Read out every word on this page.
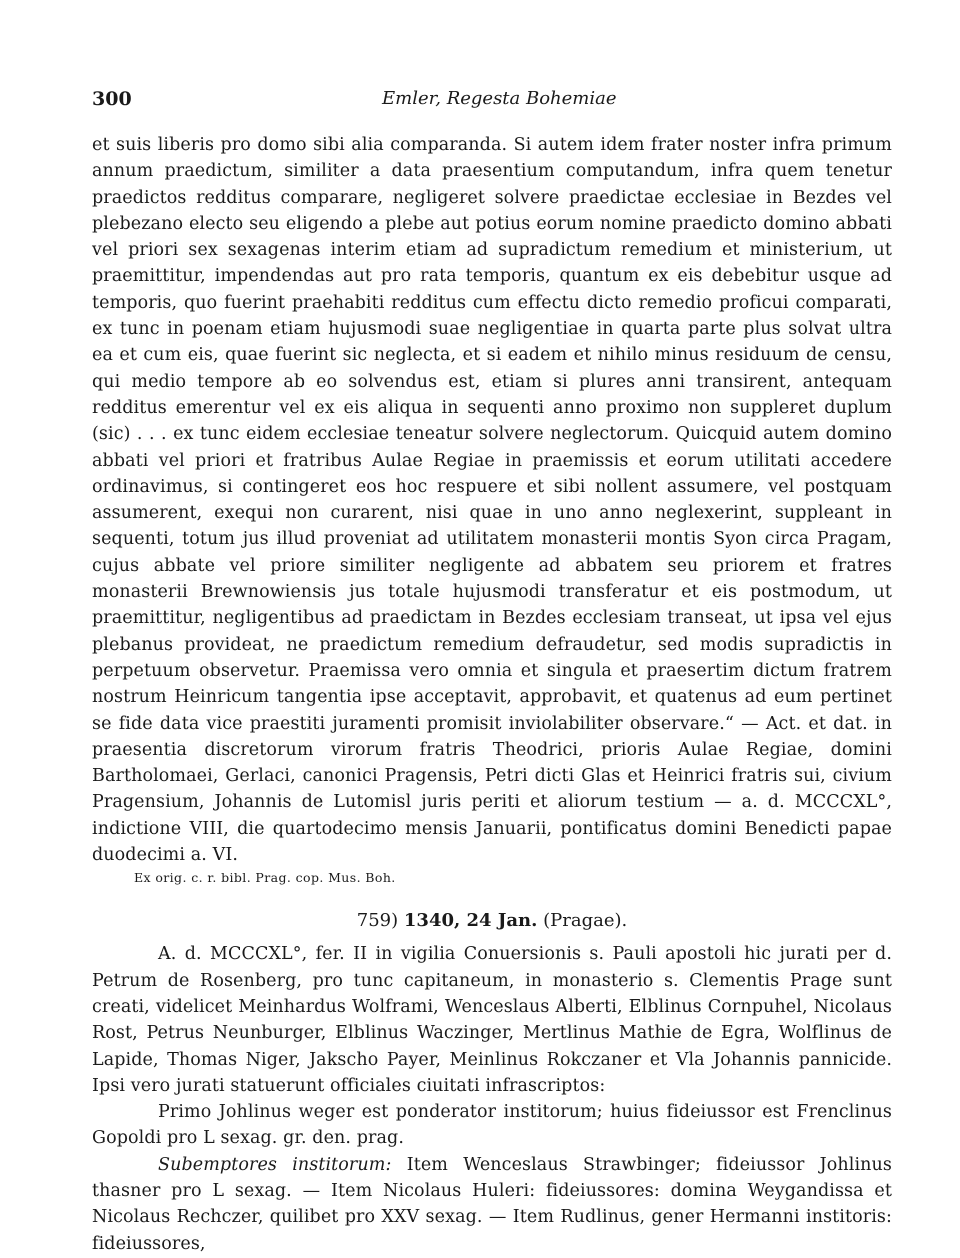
300	Emler, Regesta Bohemiae

et suis liberis pro domo sibi alia comparanda. Si autem idem frater noster infra primum annum praedictum, similiter a data praesentium computandum, infra quem tenetur praedictos redditus comparare, negligeret solvere praedictae ecclesiae in Bezdes vel plebezano electo seu eligendo a plebe aut potius eorum nomine praedicto domino abbati vel priori sex sexagenas interim etiam ad supradictum remedium et ministerium, ut praemittitur, impendendas aut pro rata temporis, quantum ex eis debebitur usque ad temporis, quo fuerint praehabiti redditus cum effectu dicto remedio proficui comparati, ex tunc in poenam etiam hujusmodi suae negligentiae in quarta parte plus solvat ultra ea et cum eis, quae fuerint sic neglecta, et si eadem et nihilo minus residuum de censu, qui medio tempore ab eo solvendus est, etiam si plures anni transirent, antequam redditus emerentur vel ex eis aliqua in sequenti anno proximo non suppleret duplum (sic) . . . ex tunc eidem ecclesiae teneatur solvere neglectorum. Quicquid autem domino abbati vel priori et fratribus Aulae Regiae in praemissis et eorum utilitati accedere ordinavimus, si contingeret eos hoc respuere et sibi nollent assumere, vel postquam assumerent, exequi non curarent, nisi quae in uno anno neglexerint, suppleant in sequenti, totum jus illud proveniat ad utilitatem monasterii montis Syon circa Pragam, cujus abbate vel priore similiter negligente ad abbatem seu priorem et fratres monasterii Brewnowiensis jus totale hujusmodi transferatur et eis postmodum, ut praemittitur, negligentibus ad praedictam in Bezdes ecclesiam transeat, ut ipsa vel ejus plebanus provideat, ne praedictum remedium defraudetur, sed modis supradictis in perpetuum observetur. Praemissa vero omnia et singula et praesertim dictum fratrem nostrum Heinricum tangentia ipse acceptavit, approbavit, et quatenus ad eum pertinet se fide data vice praestiti juramenti promisit inviolabiliter observare.“ — Act. et dat. in praesentia discretorum virorum fratris Theodrici, prioris Aulae Regiae, domini Bartholomaei, Gerlaci, canonici Pragensis, Petri dicti Glas et Heinrici fratris sui, civium Pragensium, Johannis de Lutomisl juris periti et aliorum testium — a. d. MCCCXL°, indictione VIII, die quartodecimo mensis Januarii, pontificatus domini Benedicti papae duodecimi a. VI.

Ex orig. c. r. bibl. Prag. cop. Mus. Boh.

759) 1340, 24 Jan. (Pragae).

A. d. MCCCXL°, fer. II in vigilia Conuersionis s. Pauli apostoli hic jurati per d. Petrum de Rosenberg, pro tunc capitaneum, in monasterio s. Clementis Prage sunt creati, videlicet Meinhardus Wolframi, Wenceslaus Alberti, Elblinus Cornpuhel, Nicolaus Rost, Petrus Neunburger, Elblinus Waczinger, Mertlinus Mathie de Egra, Wolflinus de Lapide, Thomas Niger, Jakscho Payer, Meinlinus Rokczaner et Vla Johannis pannicide. Ipsi vero jurati statuerunt officiales ciuitati infrascriptos:

Primo Johlinus weger est ponderator institorum; huius fideiussor est Frenclinus Gopoldi pro L sexag. gr. den. prag.

Subemptores institorum: Item Wenceslaus Strawbinger; fideiussor Johlinus thasner pro L sexag. — Item Nicolaus Huleri: fideiussores: domina Weygandissa et Nicolaus Rechczer, quilibet pro XXV sexag. — Item Rudlinus, gener Hermanni institoris: fideiussores,
